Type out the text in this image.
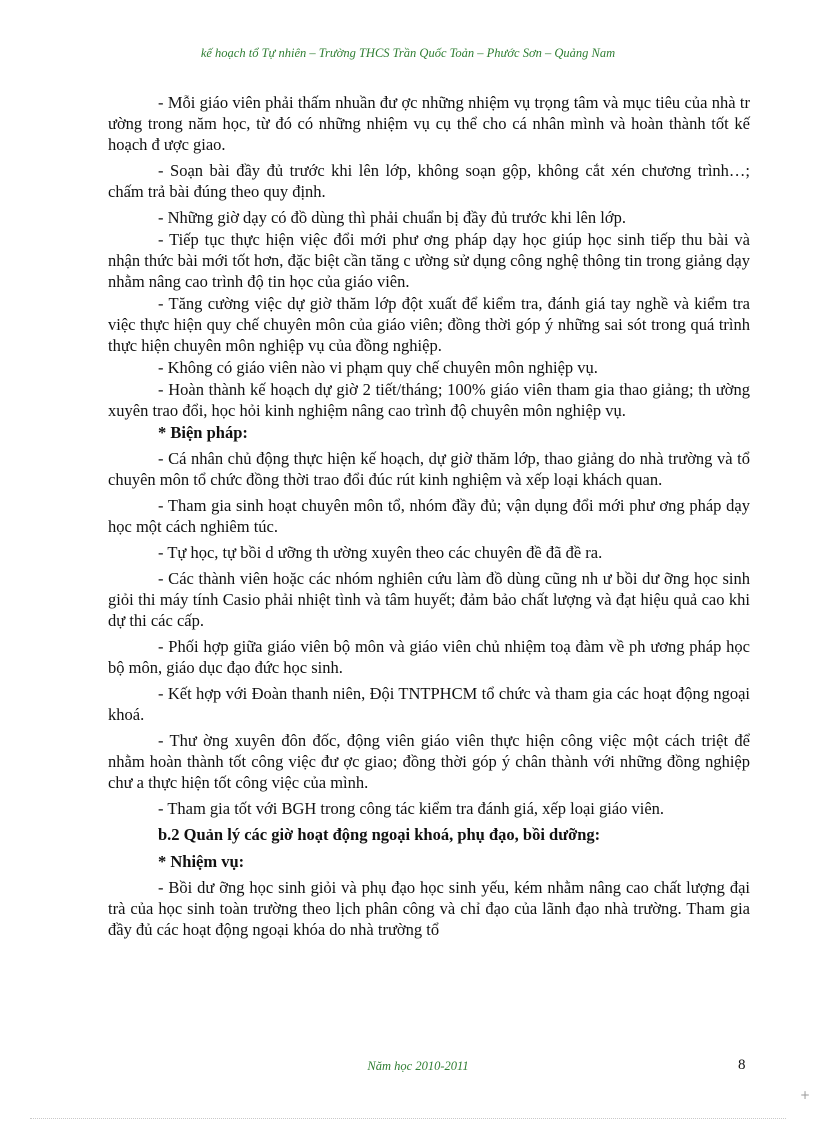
kế hoạch tổ Tự nhiên – Trường THCS Trần Quốc Toản – Phước Sơn – Quảng Nam

- Mỗi giáo viên phải thấm nhuần đư ợc những nhiệm vụ trọng tâm và mục tiêu của nhà tr ường trong năm học, từ đó có những nhiệm vụ cụ thể cho cá nhân mình và hoàn thành tốt kế hoạch đ ược giao.

- Soạn bài đầy đủ trước khi lên lớp, không soạn gộp, không cắt xén chương trình…; chấm trả bài đúng theo quy định.

- Những giờ dạy có đồ dùng thì phải chuẩn bị đầy đủ trước khi lên lớp.

- Tiếp tục thực hiện việc đổi mới phư ơng pháp dạy học giúp học sinh tiếp thu bài và nhận thức bài mới tốt hơn, đặc biệt cần tăng c ường sử dụng công nghệ thông tin trong giảng dạy nhằm nâng cao trình độ tin học của giáo viên.

- Tăng cường việc dự giờ thăm lớp đột xuất để kiểm tra, đánh giá tay nghề và kiểm tra việc thực hiện quy chế chuyên môn của giáo viên; đồng thời góp ý những sai sót trong quá trình thực hiện chuyên môn nghiệp vụ của đồng nghiệp.

- Không có giáo viên nào vi phạm quy chế chuyên môn nghiệp vụ.

- Hoàn thành kế hoạch dự giờ 2 tiết/tháng; 100% giáo viên tham gia thao giảng; th ường xuyên trao đổi, học hỏi kinh nghiệm nâng cao trình độ chuyên môn nghiệp vụ.

* Biện pháp:

- Cá nhân chủ động thực hiện kế hoạch, dự giờ thăm lớp, thao giảng do nhà trường và tổ chuyên môn tổ chức đồng thời trao đổi đúc rút kinh nghiệm và xếp loại khách quan.

- Tham gia sinh hoạt chuyên môn tổ, nhóm đầy đủ; vận dụng đổi mới phư ơng pháp dạy học một cách nghiêm túc.

- Tự học, tự bồi d ưỡng th ường xuyên theo các chuyên đề đã đề ra.

- Các thành viên hoặc các nhóm nghiên cứu làm đồ dùng cũng nh ư bồi dư ỡng học sinh giỏi thi máy tính Casio phải nhiệt tình và tâm huyết; đảm bảo chất lượng và đạt hiệu quả cao khi dự thi các cấp.

- Phối hợp giữa giáo viên bộ môn và giáo viên chủ nhiệm toạ đàm về ph ương pháp học bộ môn, giáo dục đạo đức học sinh.

- Kết hợp với Đoàn thanh niên, Đội TNTPHCM tổ chức và tham gia các hoạt động ngoại khoá.

- Thư ờng xuyên đôn đốc, động viên giáo viên thực hiện công việc một cách triệt để nhằm hoàn thành tốt công việc đư ợc giao; đồng thời góp ý chân thành với những đồng nghiệp chư a thực hiện tốt công việc của mình.

- Tham gia tốt với BGH trong công tác kiểm tra đánh giá, xếp loại giáo viên.

b.2 Quản lý các giờ hoạt động ngoại khoá, phụ đạo, bồi dưỡng:

* Nhiệm vụ:

- Bồi dư ỡng học sinh giỏi và phụ đạo học sinh yếu, kém nhằm nâng cao chất lượng đại trà của học sinh toàn trường theo lịch phân công và chỉ đạo của lãnh đạo nhà trường. Tham gia đầy đủ các hoạt động ngoại khóa do nhà trường tổ

Năm học 2010-2011	8
+
